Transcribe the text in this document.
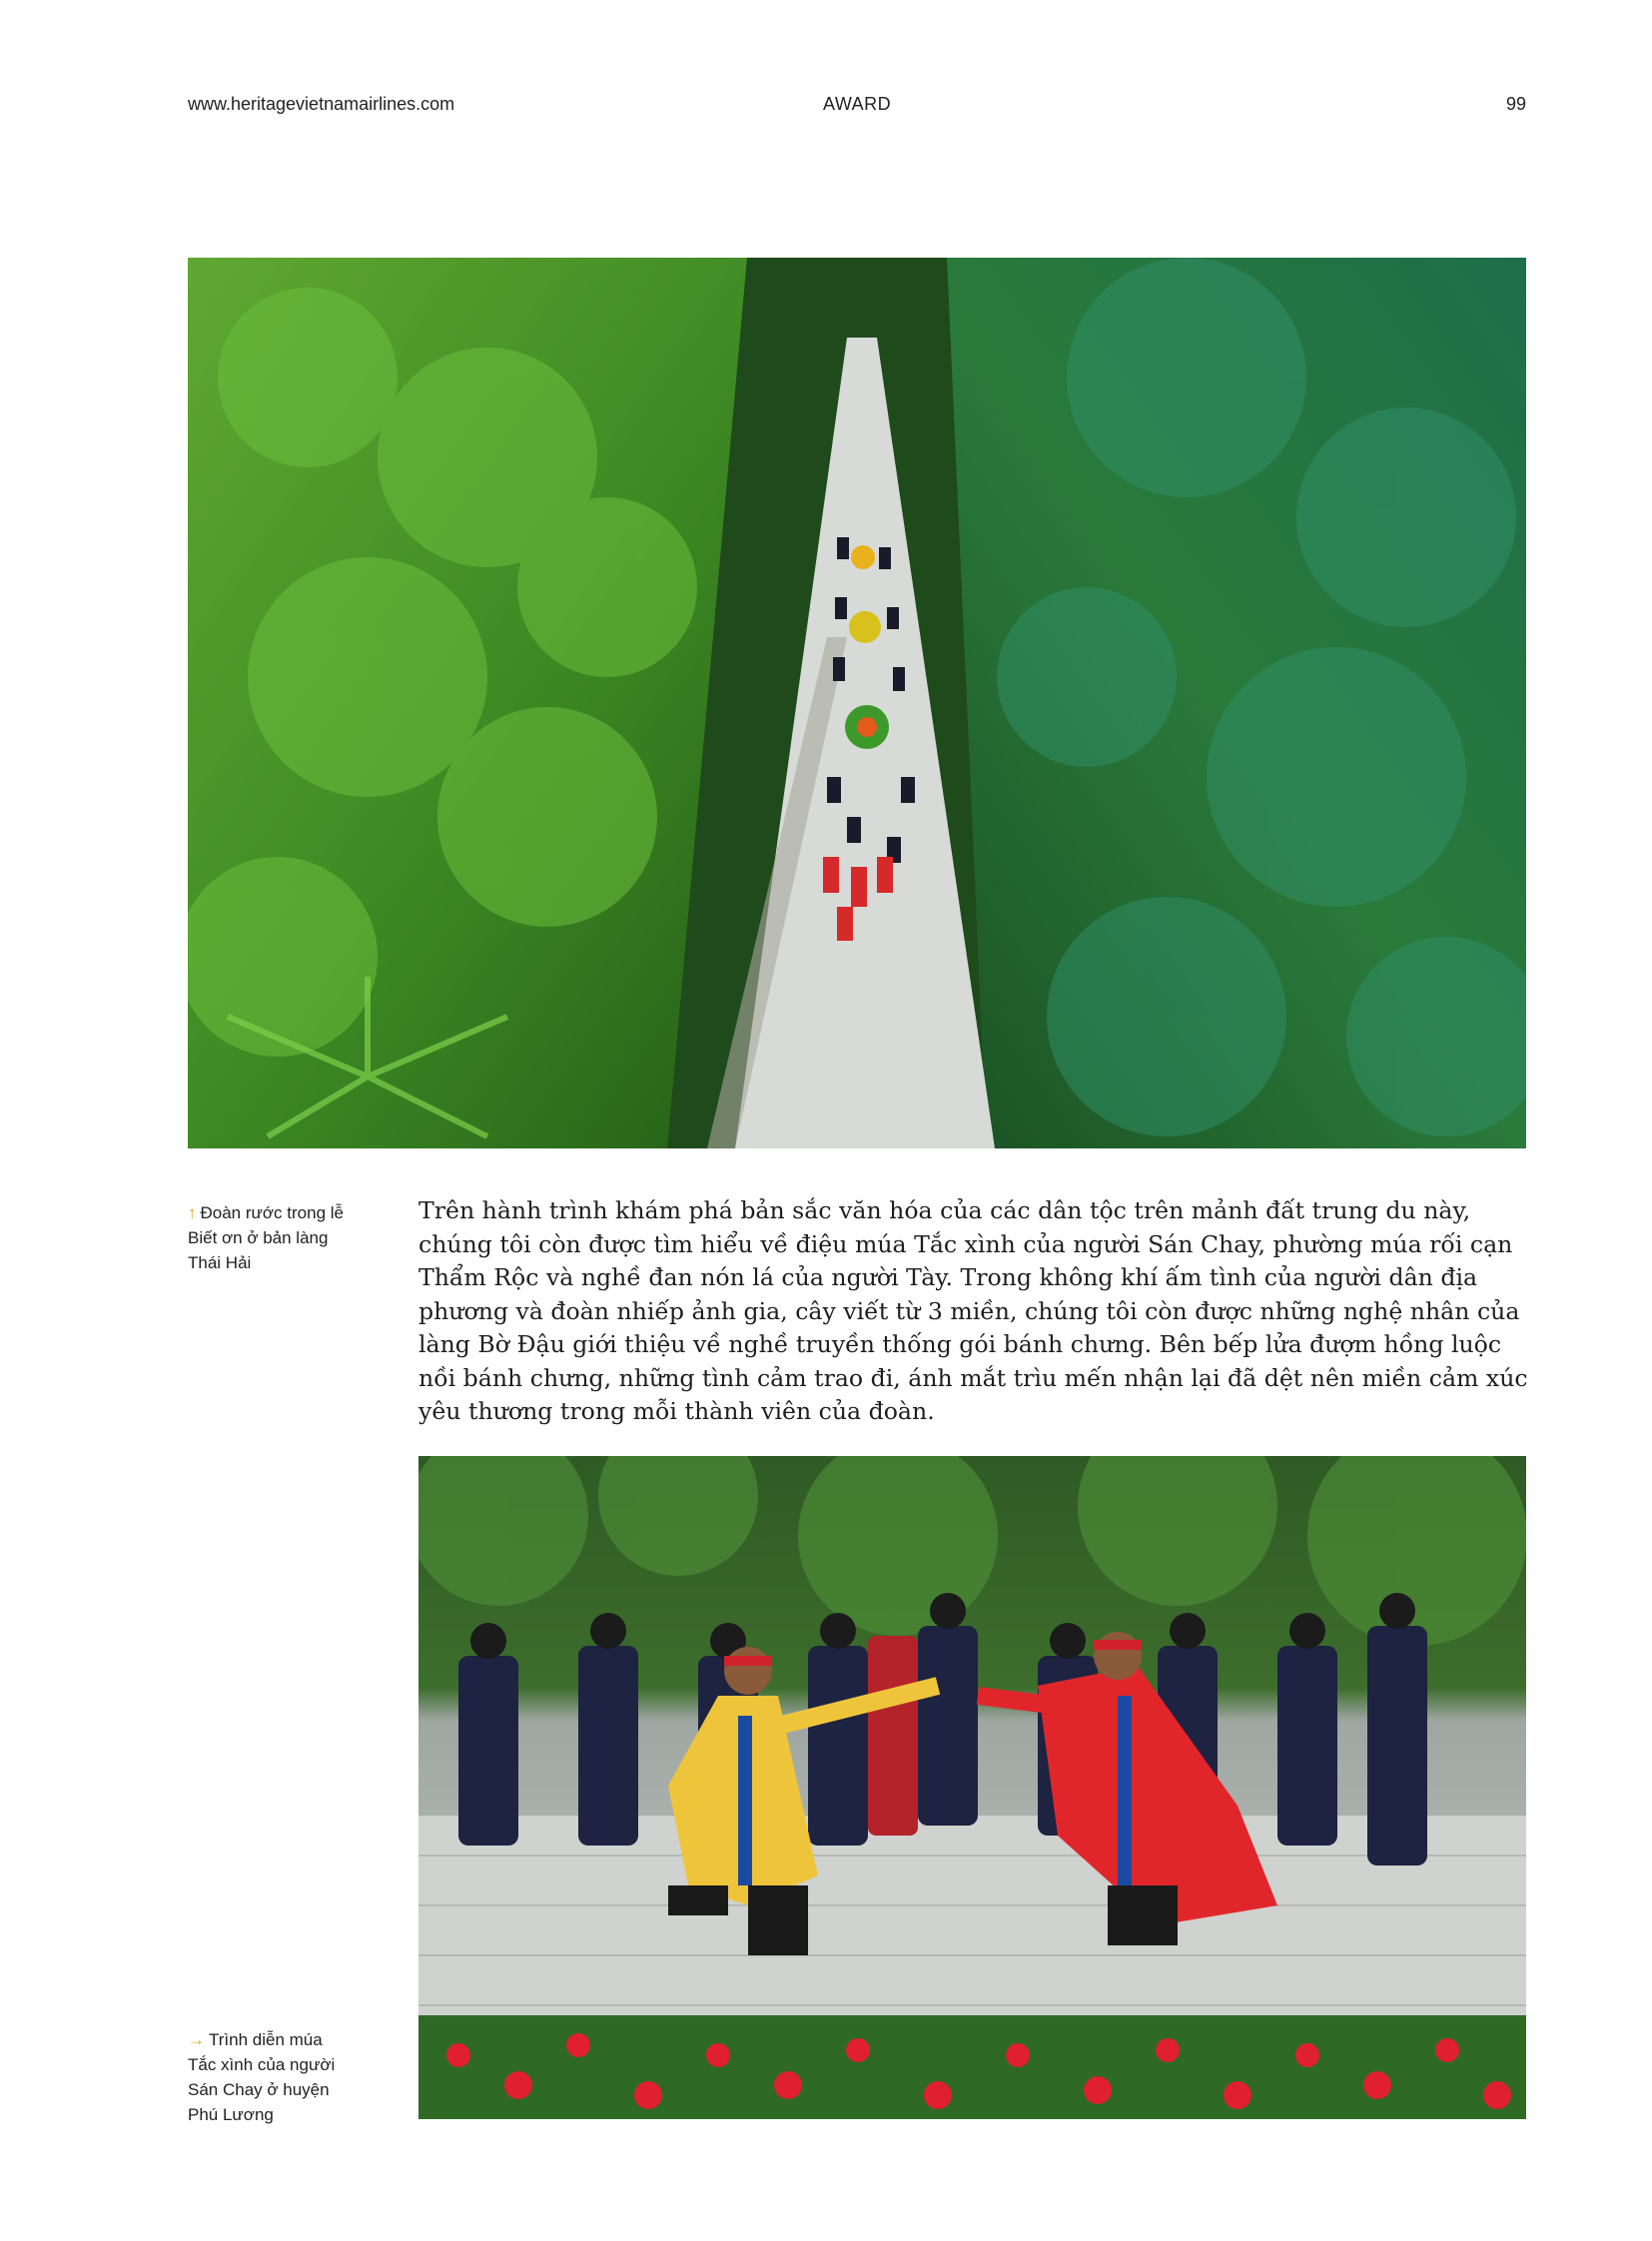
www.heritagevietnamairlines.com	AWARD	99
↑ Đoàn rước trong lễ Biết ơn ở bản làng Thái Hải
Trên hành trình khám phá bản sắc văn hóa của các dân tộc trên mảnh đất trung du này, chúng tôi còn được tìm hiểu về điệu múa Tắc xình của người Sán Chay, phường múa rối cạn Thẩm Rộc và nghề đan nón lá của người Tày. Trong không khí ấm tình của người dân địa phương và đoàn nhiếp ảnh gia, cây viết từ 3 miền, chúng tôi còn được những nghệ nhân của làng Bờ Đậu giới thiệu về nghề truyền thống gói bánh chưng. Bên bếp lửa đượm hồng luộc nồi bánh chưng, những tình cảm trao đi, ánh mắt trìu mến nhận lại đã dệt nên miền cảm xúc yêu thương trong mỗi thành viên của đoàn.
→ Trình diễn múa Tắc xình của người Sán Chay ở huyện Phú Lương
